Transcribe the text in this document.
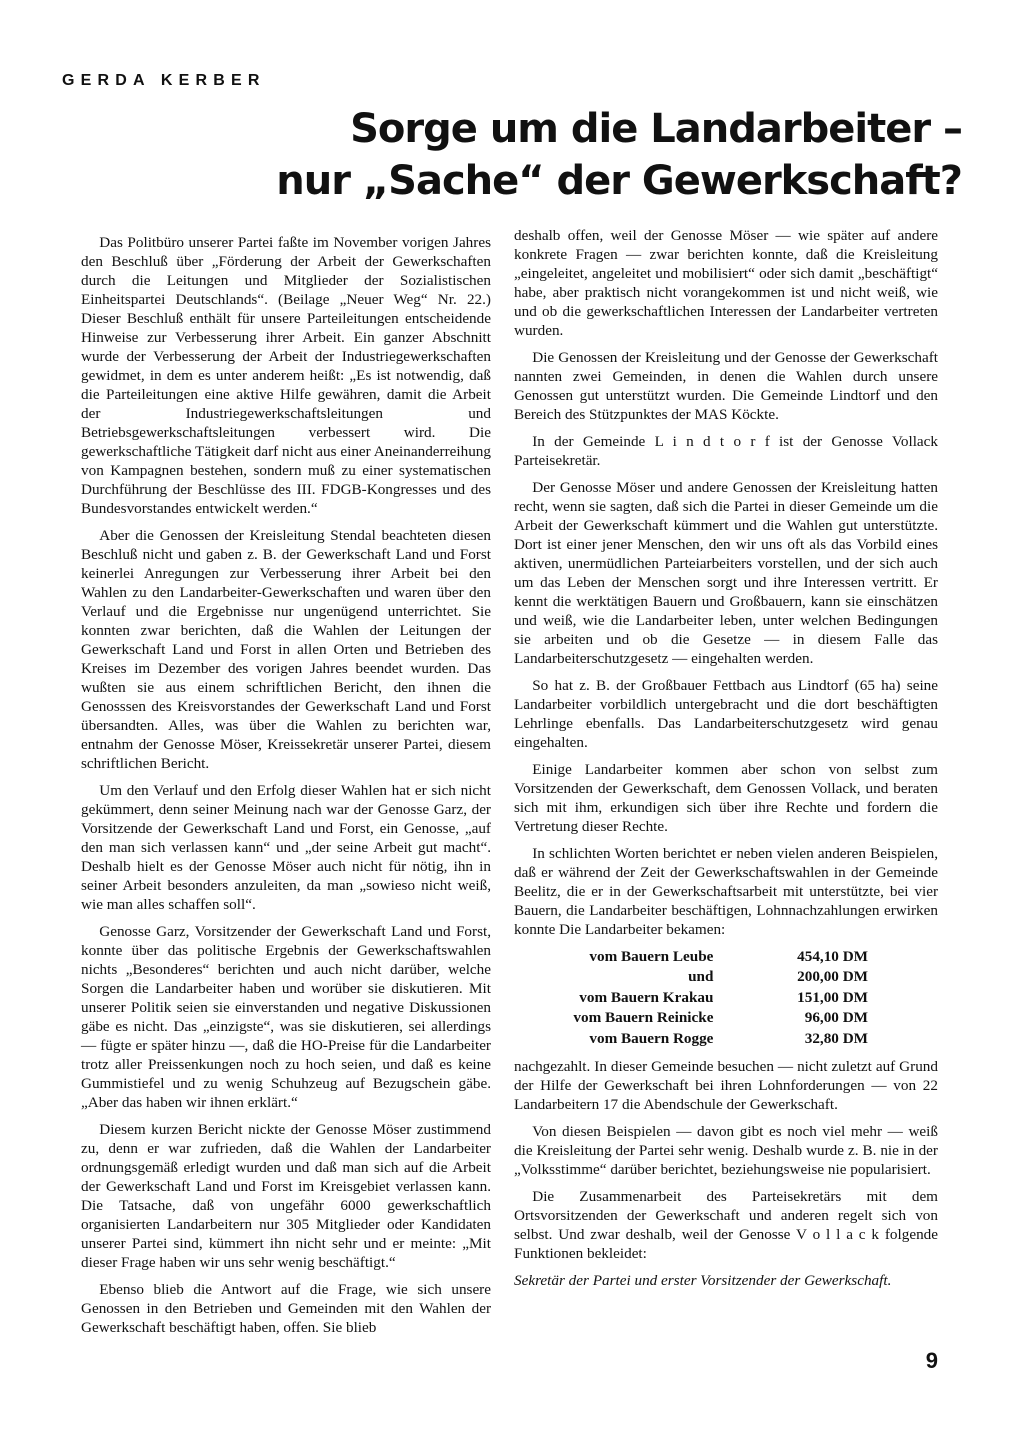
GERDA KERBER
Sorge um die Landarbeiter –
nur „Sache“ der Gewerkschaft?

Das Politbüro unserer Partei faßte im November vorigen Jahres den Beschluß über „Förderung der Arbeit der Gewerkschaften durch die Leitungen und Mitglieder der Sozialistischen Einheitspartei Deutschlands“. (Beilage „Neuer Weg“ Nr. 22.) Dieser Beschluß enthält für unsere Parteileitungen entscheidende Hinweise zur Verbesserung ihrer Arbeit. Ein ganzer Abschnitt wurde der Verbesserung der Arbeit der Industriegewerkschaften gewidmet, in dem es unter anderem heißt: „Es ist notwendig, daß die Parteileitungen eine aktive Hilfe gewähren, damit die Arbeit der Industriegewerkschaftsleitungen und Betriebsgewerkschaftsleitungen verbessert wird. Die gewerkschaftliche Tätigkeit darf nicht aus einer Aneinanderreihung von Kampagnen bestehen, sondern muß zu einer systematischen Durchführung der Beschlüsse des III. FDGB-Kongresses und des Bundesvorstandes entwickelt werden.“

Aber die Genossen der Kreisleitung Stendal beachteten diesen Beschluß nicht und gaben z. B. der Gewerkschaft Land und Forst keinerlei Anregungen zur Verbesserung ihrer Arbeit bei den Wahlen zu den Landarbeiter-Gewerkschaften und waren über den Verlauf und die Ergebnisse nur ungenügend unterrichtet. Sie konnten zwar berichten, daß die Wahlen der Leitungen der Gewerkschaft Land und Forst in allen Orten und Betrieben des Kreises im Dezember des vorigen Jahres beendet wurden. Das wußten sie aus einem schriftlichen Bericht, den ihnen die Genosssen des Kreisvorstandes der Gewerkschaft Land und Forst übersandten. Alles, was über die Wahlen zu berichten war, entnahm der Genosse Möser, Kreissekretär unserer Partei, diesem schriftlichen Bericht.

Um den Verlauf und den Erfolg dieser Wahlen hat er sich nicht gekümmert, denn seiner Meinung nach war der Genosse Garz, der Vorsitzende der Gewerkschaft Land und Forst, ein Genosse, „auf den man sich verlassen kann“ und „der seine Arbeit gut macht“. Deshalb hielt es der Genosse Möser auch nicht für nötig, ihn in seiner Arbeit besonders anzuleiten, da man „sowieso nicht weiß, wie man alles schaffen soll“.

Genosse Garz, Vorsitzender der Gewerkschaft Land und Forst, konnte über das politische Ergebnis der Gewerkschaftswahlen nichts „Besonderes“ berichten und auch nicht darüber, welche Sorgen die Landarbeiter haben und worüber sie diskutieren. Mit unserer Politik seien sie einverstanden und negative Diskussionen gäbe es nicht. Das „einzigste“, was sie diskutieren, sei allerdings — fügte er später hinzu —, daß die HO-Preise für die Landarbeiter trotz aller Preissenkungen noch zu hoch seien, und daß es keine Gummistiefel und zu wenig Schuhzeug auf Bezugschein gäbe. „Aber das haben wir ihnen erklärt.“

Diesem kurzen Bericht nickte der Genosse Möser zustimmend zu, denn er war zufrieden, daß die Wahlen der Landarbeiter ordnungsgemäß erledigt wurden und daß man sich auf die Arbeit der Gewerkschaft Land und Forst im Kreisgebiet verlassen kann. Die Tatsache, daß von ungefähr 6000 gewerkschaftlich organisierten Landarbeitern nur 305 Mitglieder oder Kandidaten unserer Partei sind, kümmert ihn nicht sehr und er meinte: „Mit dieser Frage haben wir uns sehr wenig beschäftigt.“

Ebenso blieb die Antwort auf die Frage, wie sich unsere Genossen in den Betrieben und Gemeinden mit den Wahlen der Gewerkschaft beschäftigt haben, offen. Sie blieb

deshalb offen, weil der Genosse Möser — wie später auf andere konkrete Fragen — zwar berichten konnte, daß die Kreisleitung „eingeleitet, angeleitet und mobilisiert“ oder sich damit „beschäftigt“ habe, aber praktisch nicht vorangekommen ist und nicht weiß, wie und ob die gewerkschaftlichen Interessen der Landarbeiter vertreten wurden.

Die Genossen der Kreisleitung und der Genosse der Gewerkschaft nannten zwei Gemeinden, in denen die Wahlen durch unsere Genossen gut unterstützt wurden. Die Gemeinde Lindtorf und den Bereich des Stützpunktes der MAS Köckte.

In der Gemeinde L i n d t o r f ist der Genosse Vollack Parteisekretär.

Der Genosse Möser und andere Genossen der Kreisleitung hatten recht, wenn sie sagten, daß sich die Partei in dieser Gemeinde um die Arbeit der Gewerkschaft kümmert und die Wahlen gut unterstützte. Dort ist einer jener Menschen, den wir uns oft als das Vorbild eines aktiven, unermüdlichen Parteiarbeiters vorstellen, und der sich auch um das Leben der Menschen sorgt und ihre Interessen vertritt. Er kennt die werktätigen Bauern und Großbauern, kann sie einschätzen und weiß, wie die Landarbeiter leben, unter welchen Bedingungen sie arbeiten und ob die Gesetze — in diesem Falle das Landarbeiterschutzgesetz — eingehalten werden.

So hat z. B. der Großbauer Fettbach aus Lindtorf (65 ha) seine Landarbeiter vorbildlich untergebracht und die dort beschäftigten Lehrlinge ebenfalls. Das Landarbeiterschutzgesetz wird genau eingehalten.

Einige Landarbeiter kommen aber schon von selbst zum Vorsitzenden der Gewerkschaft, dem Genossen Vollack, und beraten sich mit ihm, erkundigen sich über ihre Rechte und fordern die Vertretung dieser Rechte.

In schlichten Worten berichtet er neben vielen anderen Beispielen, daß er während der Zeit der Gewerkschaftswahlen in der Gemeinde Beelitz, die er in der Gewerkschaftsarbeit mit unterstützte, bei vier Bauern, die Landarbeiter beschäftigen, Lohnnachzahlungen erwirken konnte Die Landarbeiter bekamen:

vom Bauern Leube	454,10 DM
und	200,00 DM
vom Bauern Krakau	151,00 DM
vom Bauern Reinicke	96,00 DM
vom Bauern Rogge	32,80 DM

nachgezahlt. In dieser Gemeinde besuchen — nicht zuletzt auf Grund der Hilfe der Gewerkschaft bei ihren Lohnforderungen — von 22 Landarbeitern 17 die Abendschule der Gewerkschaft.

Von diesen Beispielen — davon gibt es noch viel mehr — weiß die Kreisleitung der Partei sehr wenig. Deshalb wurde z. B. nie in der „Volksstimme“ darüber berichtet, beziehungsweise nie popularisiert.

Die Zusammenarbeit des Parteisekretärs mit dem Ortsvorsitzenden der Gewerkschaft und anderen regelt sich von selbst. Und zwar deshalb, weil der Genosse V o l l a c k folgende Funktionen bekleidet:

Sekretär der Partei und erster Vorsitzender der Gewerkschaft.

9
